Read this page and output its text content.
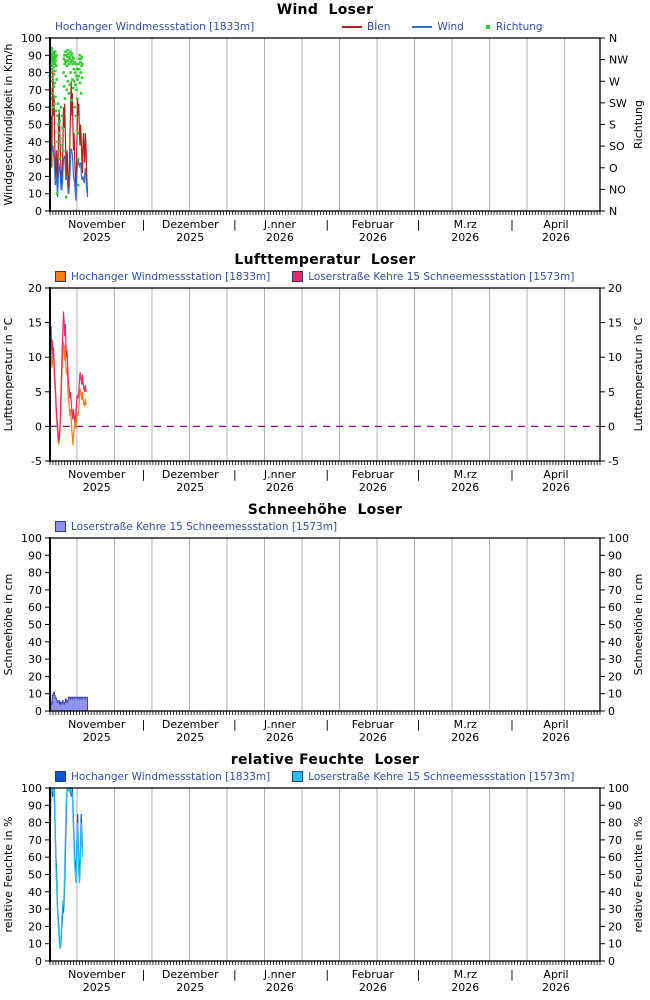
Wind  Loser
Hochanger Windmessstation [1833m]	Bİen	Wind	Richtung
0
10
20
30
40
50
60
70
80
90
100	N
NW
W
SW
S
SO
O
NO
N
Windgeschwindigkeit in Km/h	Richtung
November
2025
Dezember
2025
J.nner
2026
Februar
2026
M.rz
2026
April
2026
|	|	|	|	|
Lufttemperatur  Loser
Hochanger Windmessstation [1833m]	Loserstraße Kehre 15 Schneemessstation [1573m]
-5
0
5
10
15
20
-5
0
5
10
15
20
Lufttemperatur in °C	Lufttemperatur in °C
November
2025
Dezember
2025
J.nner
2026
Februar
2026
M.rz
2026
April
2026
|	|	|	|	|
Schneehöhe  Loser
Loserstraße Kehre 15 Schneemessstation [1573m]
0
10
20
30
40
50
60
70
80
90
100
0
10
20
30
40
50
60
70
80
90
100
Schneehöhe in cm	Schneehöhe in cm
November
2025
Dezember
2025
J.nner
2026
Februar
2026
M.rz
2026
April
2026
|	|	|	|	|
relative Feuchte  Loser
Hochanger Windmessstation [1833m]	Loserstraße Kehre 15 Schneemessstation [1573m]
0
10
20
30
40
50
60
70
80
90
100
0
10
20
30
40
50
60
70
80
90
100
relative Feuchte in %	relative Feuchte in %
November
2025
Dezember
2025
J.nner
2026
Februar
2026
M.rz
2026
April
2026
|	|	|	|	|
